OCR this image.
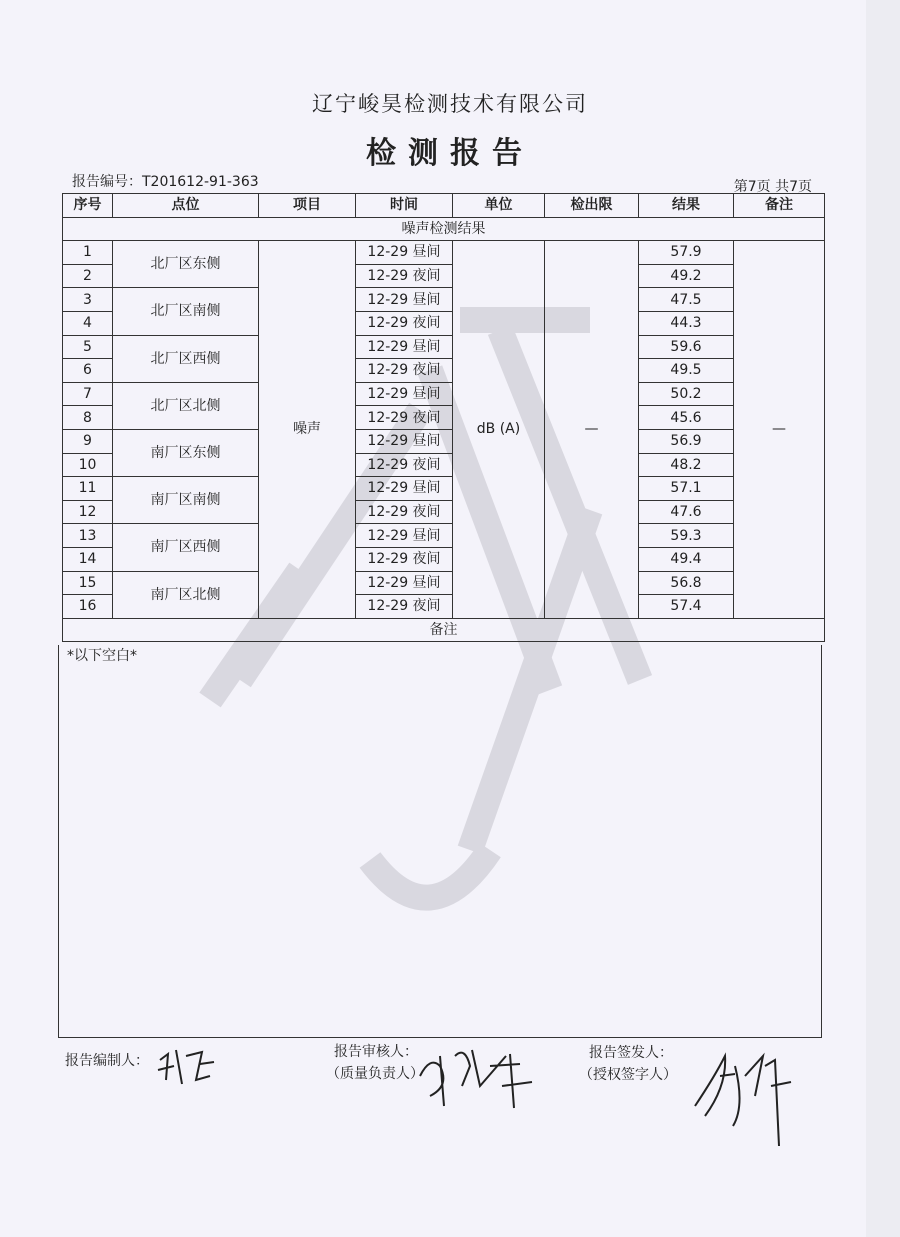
辽宁峻昊检测技术有限公司
检测报告
报告编号：T201612-91-363	第7页 共7页
序号	点位	项目	时间	单位	检出限	结果	备注
噪声检测结果							
1	北厂区东侧	噪声	12-29 昼间	dB (A)	—	57.9	—
2			12-29 夜间			49.2	
3	北厂区南侧		12-29 昼间			47.5	
4			12-29 夜间			44.3	
5	北厂区西侧		12-29 昼间			59.6	
6			12-29 夜间			49.5	
7	北厂区北侧		12-29 昼间			50.2	
8			12-29 夜间			45.6	
9	南厂区东侧		12-29 昼间			56.9	
10			12-29 夜间			48.2	
11	南厂区南侧		12-29 昼间			57.1	
12			12-29 夜间			47.6	
13	南厂区西侧		12-29 昼间			59.3	
14			12-29 夜间			49.4	
15	南厂区北侧		12-29 昼间			56.8	
16			12-29 夜间			57.4	
备注							
*以下空白*
报告编制人：
报告审核人：
（质量负责人）
报告签发人：
（授权签字人）
